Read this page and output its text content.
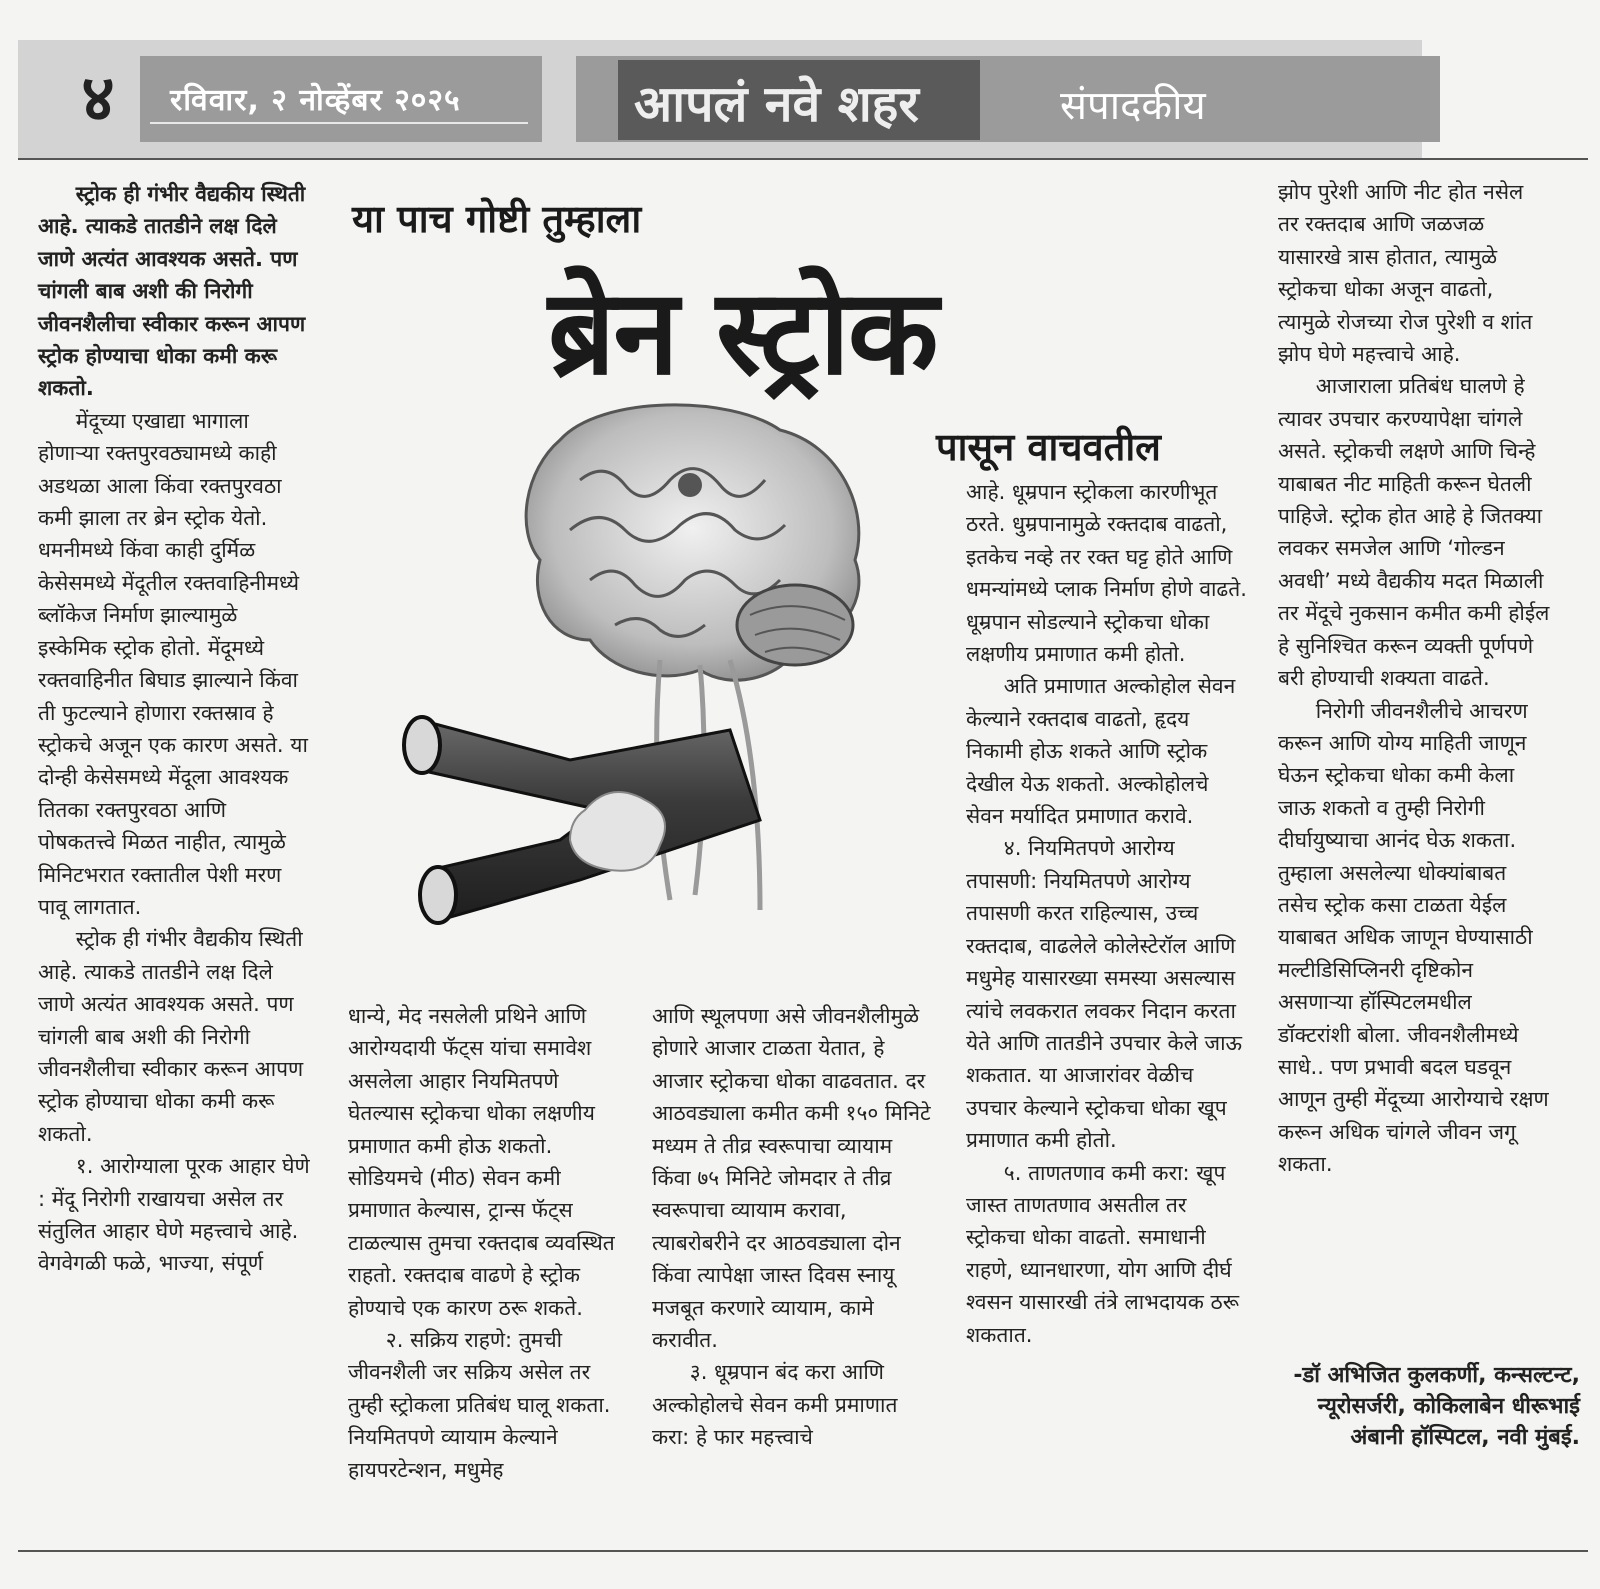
४	रविवार, २ नोव्हेंबर २०२५	आपलं नवे शहर	संपादकीय
या पाच गोष्टी तुम्हाला
ब्रेन स्ट्रोक
पासून वाचवतील

स्ट्रोक ही गंभीर वैद्यकीय स्थिती आहे. त्याकडे तातडीने लक्ष दिले जाणे अत्यंत आवश्यक असते. पण चांगली बाब अशी की निरोगी जीवनशैलीचा स्वीकार करून आपण स्ट्रोक होण्याचा धोका कमी करू शकतो.

मेंदूच्या एखाद्या भागाला होणाऱ्या रक्तपुरवठ्यामध्ये काही अडथळा आला किंवा रक्तपुरवठा कमी झाला तर ब्रेन स्ट्रोक येतो. धमनीमध्ये किंवा काही दुर्मिळ केसेसमध्ये मेंदूतील रक्तवाहिनीमध्ये ब्लॉकेज निर्माण झाल्यामुळे इस्केमिक स्ट्रोक होतो. मेंदूमध्ये रक्तवाहिनीत बिघाड झाल्याने किंवा ती फुटल्याने होणारा रक्तस्राव हे स्ट्रोकचे अजून एक कारण असते. या दोन्ही केसेसमध्ये मेंदूला आवश्यक तितका रक्तपुरवठा आणि पोषकतत्त्वे मिळत नाहीत, त्यामुळे मिनिटभरात रक्तातील पेशी मरण पावू लागतात.

स्ट्रोक ही गंभीर वैद्यकीय स्थिती आहे. त्याकडे तातडीने लक्ष दिले जाणे अत्यंत आवश्यक असते. पण चांगली बाब अशी की निरोगी जीवनशैलीचा स्वीकार करून आपण स्ट्रोक होण्याचा धोका कमी करू शकतो.

१. आरोग्याला पूरक आहार घेणे : मेंदू निरोगी राखायचा असेल तर संतुलित आहार घेणे महत्त्वाचे आहे. वेगवेगळी फळे, भाज्या, संपूर्ण

धान्ये, मेद नसलेली प्रथिने आणि आरोग्यदायी फॅट्स यांचा समावेश असलेला आहार नियमितपणे घेतल्यास स्ट्रोकचा धोका लक्षणीय प्रमाणात कमी होऊ शकतो. सोडियमचे (मीठ) सेवन कमी प्रमाणात केल्यास, ट्रान्स फॅट्स टाळल्यास तुमचा रक्तदाब व्यवस्थित राहतो. रक्तदाब वाढणे हे स्ट्रोक होण्याचे एक कारण ठरू शकते.

२. सक्रिय राहणे: तुमची जीवनशैली जर सक्रिय असेल तर तुम्ही स्ट्रोकला प्रतिबंध घालू शकता. नियमितपणे व्यायाम केल्याने हायपरटेन्शन, मधुमेह

आणि स्थूलपणा असे जीवनशैलीमुळे होणारे आजार टाळता येतात, हे आजार स्ट्रोकचा धोका वाढवतात. दर आठवड्याला कमीत कमी १५० मिनिटे मध्यम ते तीव्र स्वरूपाचा व्यायाम किंवा ७५ मिनिटे जोमदार ते तीव्र स्वरूपाचा व्यायाम करावा, त्याबरोबरीने दर आठवड्याला दोन किंवा त्यापेक्षा जास्त दिवस स्नायू मजबूत करणारे व्यायाम, कामे करावीत.

३. धूम्रपान बंद करा आणि अल्कोहोलचे सेवन कमी प्रमाणात करा: हे फार महत्त्वाचे

आहे. धूम्रपान स्ट्रोकला कारणीभूत ठरते. धुम्रपानामुळे रक्तदाब वाढतो, इतकेच नव्हे तर रक्त घट्ट होते आणि धमन्यांमध्ये प्लाक निर्माण होणे वाढते. धूम्रपान सोडल्याने स्ट्रोकचा धोका लक्षणीय प्रमाणात कमी होतो.

अति प्रमाणात अल्कोहोल सेवन केल्याने रक्तदाब वाढतो, हृदय निकामी होऊ शकते आणि स्ट्रोक देखील येऊ शकतो. अल्कोहोलचे सेवन मर्यादित प्रमाणात करावे.

४. नियमितपणे आरोग्य तपासणी: नियमितपणे आरोग्य तपासणी करत राहिल्यास, उच्च रक्तदाब, वाढलेले कोलेस्टेरॉल आणि मधुमेह यासारख्या समस्या असल्यास त्यांचे लवकरात लवकर निदान करता येते आणि तातडीने उपचार केले जाऊ शकतात. या आजारांवर वेळीच उपचार केल्याने स्ट्रोकचा धोका खूप प्रमाणात कमी होतो.

५. ताणतणाव कमी करा: खूप जास्त ताणतणाव असतील तर स्ट्रोकचा धोका वाढतो. समाधानी राहणे, ध्यानधारणा, योग आणि दीर्घ श्वसन यासारखी तंत्रे लाभदायक ठरू शकतात.

झोप पुरेशी आणि नीट होत नसेल तर रक्तदाब आणि जळजळ यासारखे त्रास होतात, त्यामुळे स्ट्रोकचा धोका अजून वाढतो, त्यामुळे रोजच्या रोज पुरेशी व शांत झोप घेणे महत्त्वाचे आहे.

आजाराला प्रतिबंध घालणे हे त्यावर उपचार करण्यापेक्षा चांगले असते. स्ट्रोकची लक्षणे आणि चिन्हे याबाबत नीट माहिती करून घेतली पाहिजे. स्ट्रोक होत आहे हे जितक्या लवकर समजेल आणि ‘गोल्डन अवधी’ मध्ये वैद्यकीय मदत मिळाली तर मेंदूचे नुकसान कमीत कमी होईल हे सुनिश्चित करून व्यक्ती पूर्णपणे बरी होण्याची शक्यता वाढते.

निरोगी जीवनशैलीचे आचरण करून आणि योग्य माहिती जाणून घेऊन स्ट्रोकचा धोका कमी केला जाऊ शकतो व तुम्ही निरोगी दीर्घायुष्याचा आनंद घेऊ शकता. तुम्हाला असलेल्या धोक्यांबाबत तसेच स्ट्रोक कसा टाळता येईल याबाबत अधिक जाणून घेण्यासाठी मल्टीडिसिप्लिनरी दृष्टिकोन असणाऱ्या हॉस्पिटलमधील डॉक्टरांशी बोला. जीवनशैलीमध्ये साधे.. पण प्रभावी बदल घडवून आणून तुम्ही मेंदूच्या आरोग्याचे रक्षण करून अधिक चांगले जीवन जगू शकता.

-डॉ अभिजित कुलकर्णी, कन्सल्टन्ट, न्यूरोसर्जरी, कोकिलाबेन धीरूभाई अंबानी हॉस्पिटल, नवी मुंबई.
